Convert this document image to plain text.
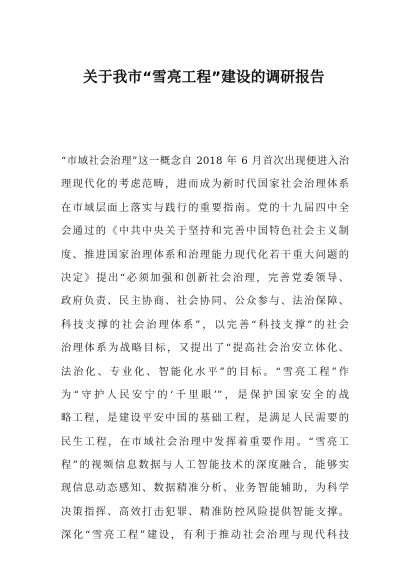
关于我市“雪亮工程”建设的调研报告
“市域社会治理”这一概念自 2018 年 6 月首次出现便进入治
理现代化的考虑范畴，进而成为新时代国家社会治理体系
在市域层面上落实与践行的重要指南。党的十九届四中全
会通过的《中共中央关于坚持和完善中国特色社会主义制
度、推进国家治理体系和治理能力现代化若干重大问题的
决定》提出“必须加强和创新社会治理，完善党委领导、
政府负责、民主协商、社会协同、公众参与、法治保障、
科技支撑的社会治理体系”，以完善“科技支撑”的社会
治理体系为战略目标，又提出了“提高社会治安立体化、
法治化、专业化、智能化水平”的目标。“雪亮工程”作
为“守护人民安宁的‘千里眼’”，是保护国家安全的战
略工程，是建设平安中国的基础工程，是满足人民需要的
民生工程，在市域社会治理中发挥着重要作用。“雪亮工
程”的视频信息数据与人工智能技术的深度融合，能够实
现信息动态感知、数据精准分析、业务智能辅助，为科学
决策指挥、高效打击犯罪、精准防控风险提供智能支撑。
深化“雪亮工程”建设，有利于推动社会治理与现代科技
